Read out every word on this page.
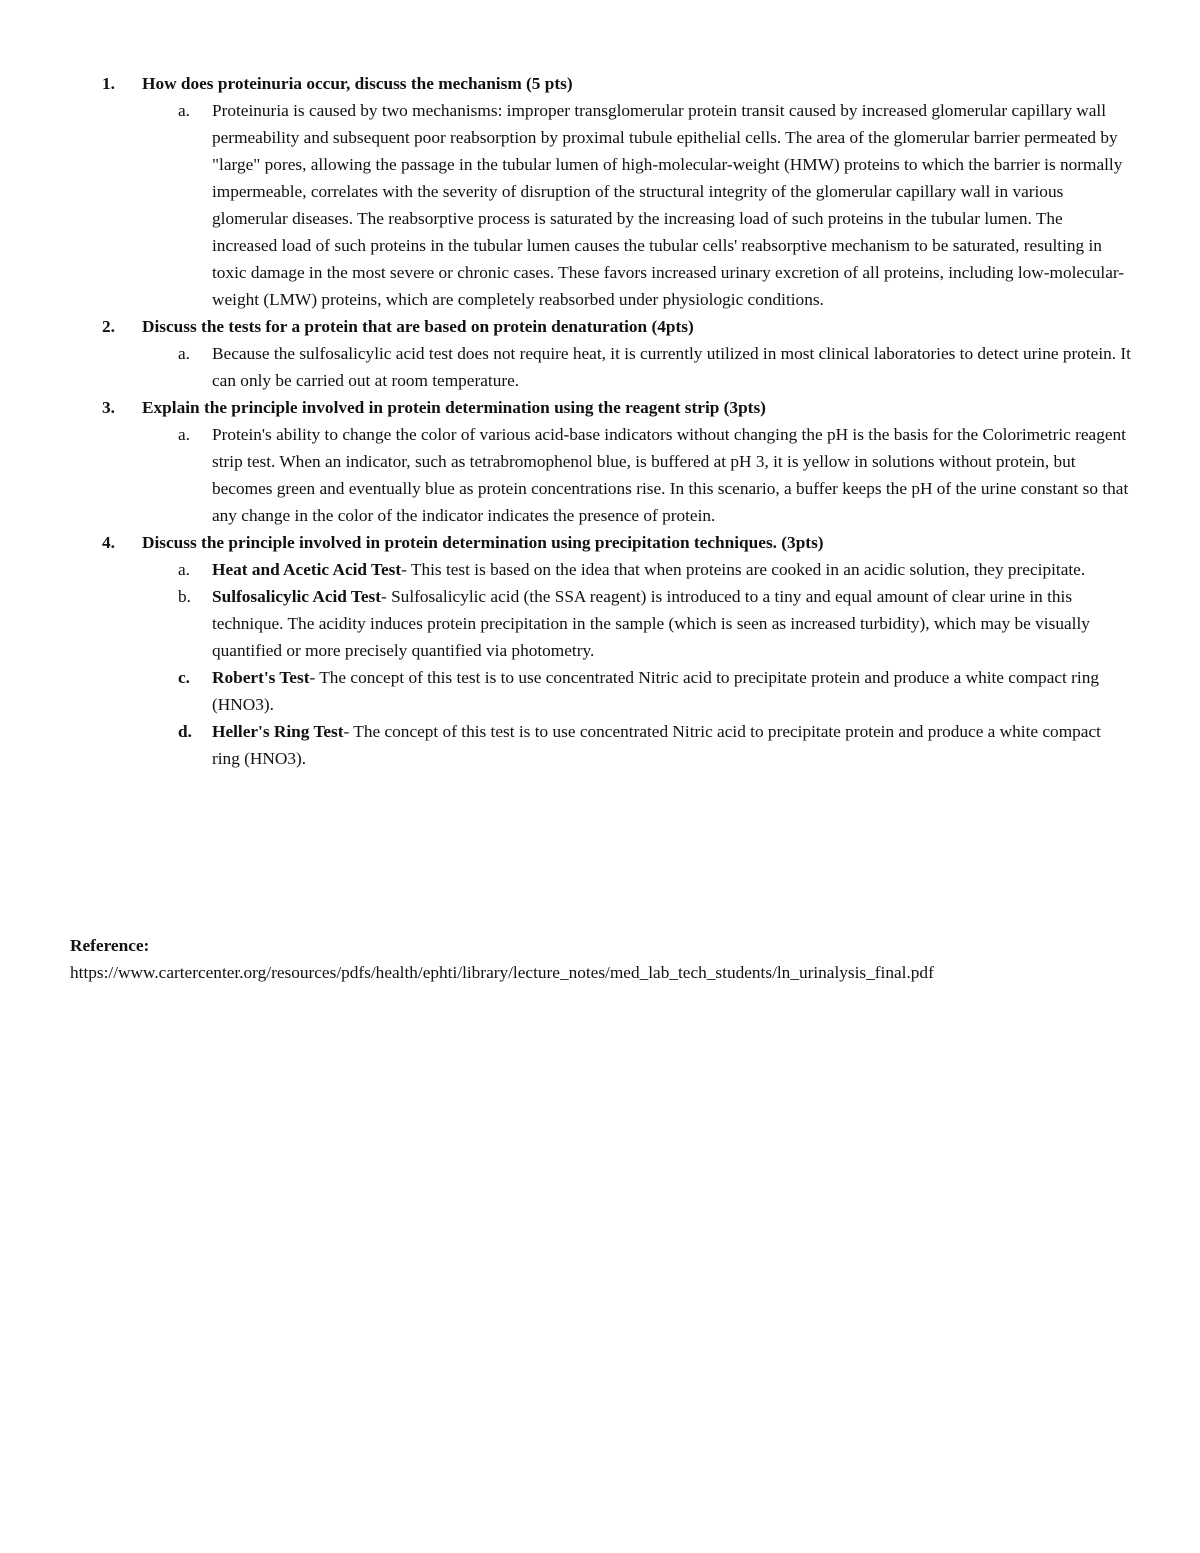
1. How does proteinuria occur, discuss the mechanism (5 pts)
a. Proteinuria is caused by two mechanisms: improper transglomerular protein transit caused by increased glomerular capillary wall permeability and subsequent poor reabsorption by proximal tubule epithelial cells. The area of the glomerular barrier permeated by "large" pores, allowing the passage in the tubular lumen of high-molecular-weight (HMW) proteins to which the barrier is normally impermeable, correlates with the severity of disruption of the structural integrity of the glomerular capillary wall in various glomerular diseases. The reabsorptive process is saturated by the increasing load of such proteins in the tubular lumen. The increased load of such proteins in the tubular lumen causes the tubular cells' reabsorptive mechanism to be saturated, resulting in toxic damage in the most severe or chronic cases. These favors increased urinary excretion of all proteins, including low-molecular-weight (LMW) proteins, which are completely reabsorbed under physiologic conditions.
2. Discuss the tests for a protein that are based on protein denaturation (4pts)
a. Because the sulfosalicylic acid test does not require heat, it is currently utilized in most clinical laboratories to detect urine protein. It can only be carried out at room temperature.
3. Explain the principle involved in protein determination using the reagent strip (3pts)
a. Protein's ability to change the color of various acid-base indicators without changing the pH is the basis for the Colorimetric reagent strip test. When an indicator, such as tetrabromophenol blue, is buffered at pH 3, it is yellow in solutions without protein, but becomes green and eventually blue as protein concentrations rise. In this scenario, a buffer keeps the pH of the urine constant so that any change in the color of the indicator indicates the presence of protein.
4. Discuss the principle involved in protein determination using precipitation techniques. (3pts)
a. Heat and Acetic Acid Test- This test is based on the idea that when proteins are cooked in an acidic solution, they precipitate.
b. Sulfosalicylic Acid Test- Sulfosalicylic acid (the SSA reagent) is introduced to a tiny and equal amount of clear urine in this technique. The acidity induces protein precipitation in the sample (which is seen as increased turbidity), which may be visually quantified or more precisely quantified via photometry.
c. Robert's Test- The concept of this test is to use concentrated Nitric acid to precipitate protein and produce a white compact ring (HNO3).
d. Heller's Ring Test- The concept of this test is to use concentrated Nitric acid to precipitate protein and produce a white compact ring (HNO3).
Reference:
https://www.cartercenter.org/resources/pdfs/health/ephti/library/lecture_notes/med_lab_tech_students/ln_urinalysis_final.pdf
